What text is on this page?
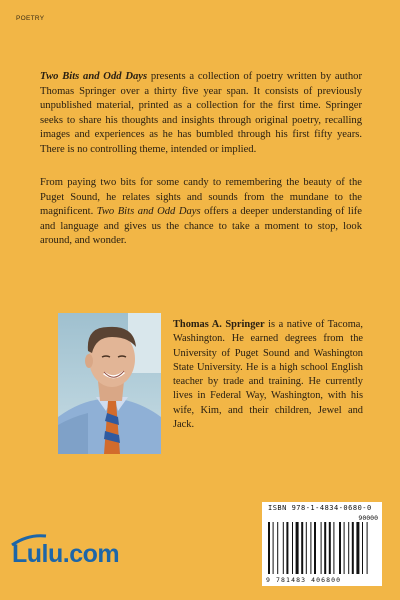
POETRY

Two Bits and Odd Days presents a collection of poetry written by author Thomas Springer over a thirty five year span. It consists of previously unpublished material, printed as a collection for the first time. Springer seeks to share his thoughts and insights through original poetry, recalling images and experiences as he has bumbled through his first fifty years. There is no controlling theme, intended or implied.

From paying two bits for some candy to remembering the beauty of the Puget Sound, he relates sights and sounds from the mundane to the magnificent. Two Bits and Odd Days offers a deeper understanding of life and language and gives us the chance to take a moment to stop, look around, and wonder.

Thomas A. Springer is a native of Tacoma, Washington. He earned degrees from the University of Puget Sound and Washington State University. He is a high school English teacher by trade and training. He currently lives in Federal Way, Washington, with his wife, Kim, and their children, Jewel and Jack.

ISBN 978-1-4834-0680-0
90000
9 781483 406800
Lulu.com
